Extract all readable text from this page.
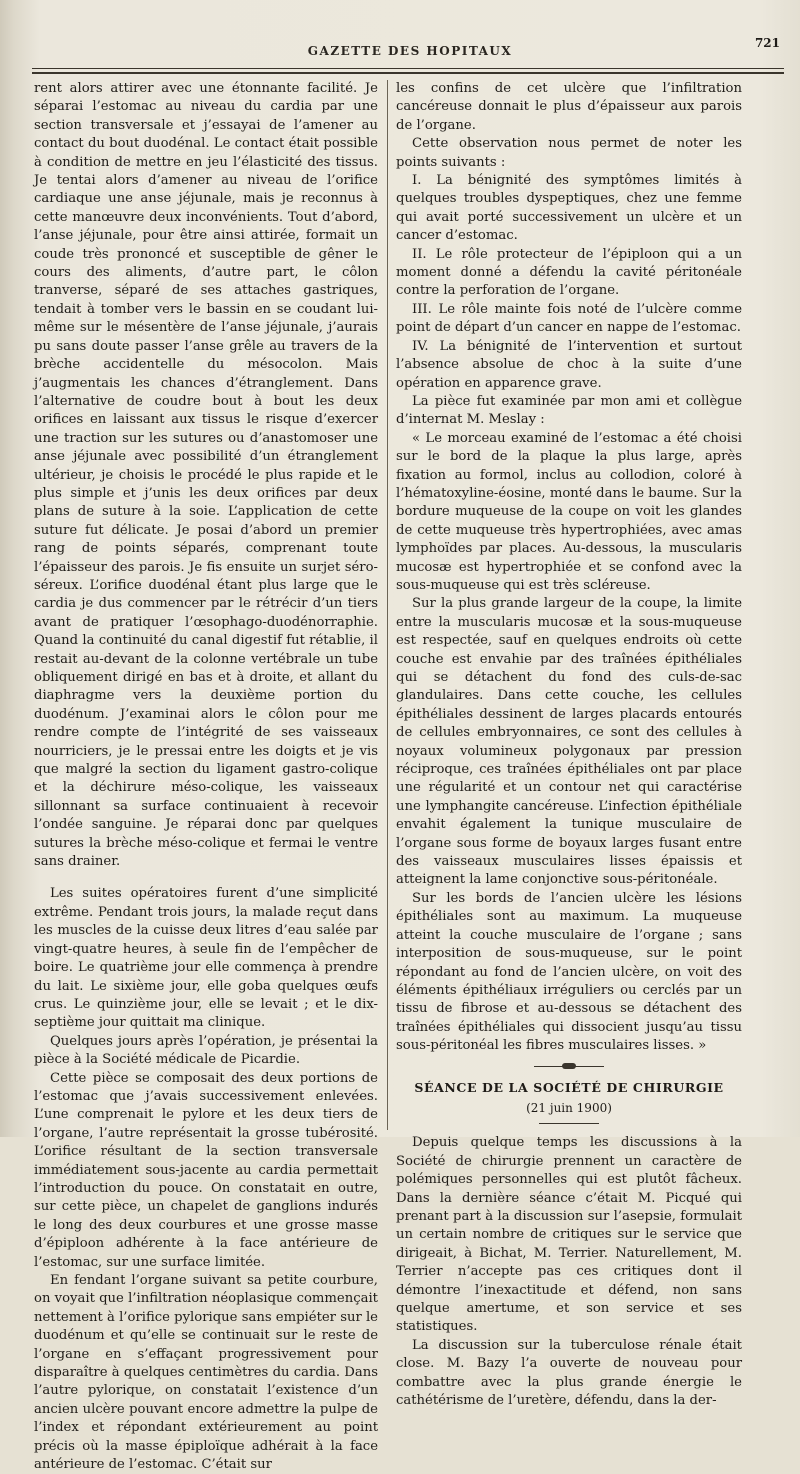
GAZETTE DES HOPITAUX
721

rent alors attirer avec une étonnante facilité. Je séparai l’estomac au niveau du cardia par une section transversale et j’essayai de l’amener au contact du bout duodénal. Le contact était possible à condition de mettre en jeu l’élasticité des tissus. Je tentai alors d’amener au niveau de l’orifice cardiaque une anse jéjunale, mais je reconnus à cette manœuvre deux inconvénients. Tout d’abord, l’anse jéjunale, pour être ainsi attirée, formait un coude très prononcé et susceptible de gêner le cours des aliments, d’autre part, le côlon tranverse, séparé de ses attaches gastriques, tendait à tomber vers le bassin en se coudant lui-même sur le mésentère de l’anse jéjunale, j’aurais pu sans doute passer l’anse grêle au travers de la brèche accidentelle du mésocolon. Mais j’augmentais les chances d’étranglement. Dans l’alternative de coudre bout à bout les deux orifices en laissant aux tissus le risque d’exercer une traction sur les sutures ou d’anastomoser une anse jéjunale avec possibilité d’un étranglement ultérieur, je choisis le procédé le plus rapide et le plus simple et j’unis les deux orifices par deux plans de suture à la soie. L’application de cette suture fut délicate. Je posai d’abord un premier rang de points séparés, comprenant toute l’épaisseur des parois. Je fis ensuite un surjet séro-séreux. L’orifice duodénal étant plus large que le cardia je dus commencer par le rétrécir d’un tiers avant de pratiquer l’œsophago-duodénorraphie. Quand la continuité du canal digestif fut rétablie, il restait au-devant de la colonne vertébrale un tube obliquement dirigé en bas et à droite, et allant du diaphragme vers la deuxième portion du duodénum. J’examinai alors le côlon pour me rendre compte de l’intégrité de ses vaisseaux nourriciers, je le pressai entre les doigts et je vis que malgré la section du ligament gastro-colique et la déchirure méso-colique, les vaisseaux sillonnant sa surface continuaient à recevoir l’ondée sanguine. Je réparai donc par quelques sutures la brèche méso-colique et fermai le ventre sans drainer.

Les suites opératoires furent d’une simplicité extrême. Pendant trois jours, la malade reçut dans les muscles de la cuisse deux litres d’eau salée par vingt-quatre heures, à seule fin de l’empêcher de boire. Le quatrième jour elle commença à prendre du lait. Le sixième jour, elle goba quelques œufs crus. Le quinzième jour, elle se levait ; et le dix-septième jour quittait ma clinique.

Quelques jours après l’opération, je présentai la pièce à la Société médicale de Picardie.

Cette pièce se composait des deux portions de l’estomac que j’avais successivement enlevées. L’une comprenait le pylore et les deux tiers de l’organe, l’autre représentait la grosse tubérosité. L’orifice résultant de la section transversale immédiatement sous-jacente au cardia permettait l’introduction du pouce. On constatait en outre, sur cette pièce, un chapelet de ganglions indurés le long des deux courbures et une grosse masse d’épiploon adhérente à la face antérieure de l’estomac, sur une surface limitée.

En fendant l’organe suivant sa petite courbure, on voyait que l’infiltration néoplasique commençait nettement à l’orifice pylorique sans empiéter sur le duodénum et qu’elle se continuait sur le reste de l’organe en s’effaçant progressivement pour disparaître à quelques centimètres du cardia. Dans l’autre pylorique, on constatait l’existence d’un ancien ulcère pouvant encore admettre la pulpe de l’index et répondant extérieurement au point précis où la masse épiploïque adhérait à la face antérieure de l’estomac. C’était sur

les confins de cet ulcère que l’infiltration cancéreuse donnait le plus d’épaisseur aux parois de l’organe.

Cette observation nous permet de noter les points suivants :

I. La bénignité des symptômes limités à quelques troubles dyspeptiques, chez une femme qui avait porté successivement un ulcère et un cancer d’estomac.

II. Le rôle protecteur de l’épiploon qui a un moment donné a défendu la cavité péritonéale contre la perforation de l’organe.

III. Le rôle mainte fois noté de l’ulcère comme point de départ d’un cancer en nappe de l’estomac.

IV. La bénignité de l’intervention et surtout l’absence absolue de choc à la suite d’une opération en apparence grave.

La pièce fut examinée par mon ami et collègue d’internat M. Meslay :

« Le morceau examiné de l’estomac a été choisi sur le bord de la plaque la plus large, après fixation au formol, inclus au collodion, coloré à l’hématoxyline-éosine, monté dans le baume. Sur la bordure muqueuse de la coupe on voit les glandes de cette muqueuse très hypertrophiées, avec amas lymphoïdes par places. Au-dessous, la muscularis mucosæ est hypertrophiée et se confond avec la sous-muqueuse qui est très scléreuse.

Sur la plus grande largeur de la coupe, la limite entre la muscularis mucosæ et la sous-muqueuse est respectée, sauf en quelques endroits où cette couche est envahie par des traînées épithéliales qui se détachent du fond des culs-de-sac glandulaires. Dans cette couche, les cellules épithéliales dessinent de larges placards entourés de cellules embryonnaires, ce sont des cellules à noyaux volumineux polygonaux par pression réciproque, ces traînées épithéliales ont par place une régularité et un contour net qui caractérise une lymphangite cancéreuse. L’infection épithéliale envahit également la tunique musculaire de l’organe sous forme de boyaux larges fusant entre des vaisseaux musculaires lisses épaissis et atteignent la lame conjonctive sous-péritonéale.

Sur les bords de l’ancien ulcère les lésions épithéliales sont au maximum. La muqueuse atteint la couche musculaire de l’organe ; sans interposition de sous-muqueuse, sur le point répondant au fond de l’ancien ulcère, on voit des éléments épithéliaux irréguliers ou cerclés par un tissu de fibrose et au-dessous se détachent des traînées épithéliales qui dissocient jusqu’au tissu sous-péritonéal les fibres musculaires lisses. »

SÉANCE DE LA SOCIÉTÉ DE CHIRURGIE
(21 juin 1900)

Depuis quelque temps les discussions à la Société de chirurgie prennent un caractère de polémiques personnelles qui est plutôt fâcheux. Dans la dernière séance c’était M. Picqué qui prenant part à la discussion sur l’asepsie, formulait un certain nombre de critiques sur le service que dirigeait, à Bichat, M. Terrier. Naturellement, M. Terrier n’accepte pas ces critiques dont il démontre l’inexactitude et défend, non sans quelque amertume, et son service et ses statistiques.

La discussion sur la tuberculose rénale était close. M. Bazy l’a ouverte de nouveau pour combattre avec la plus grande énergie le cathétérisme de l’uretère, défendu, dans la der-
